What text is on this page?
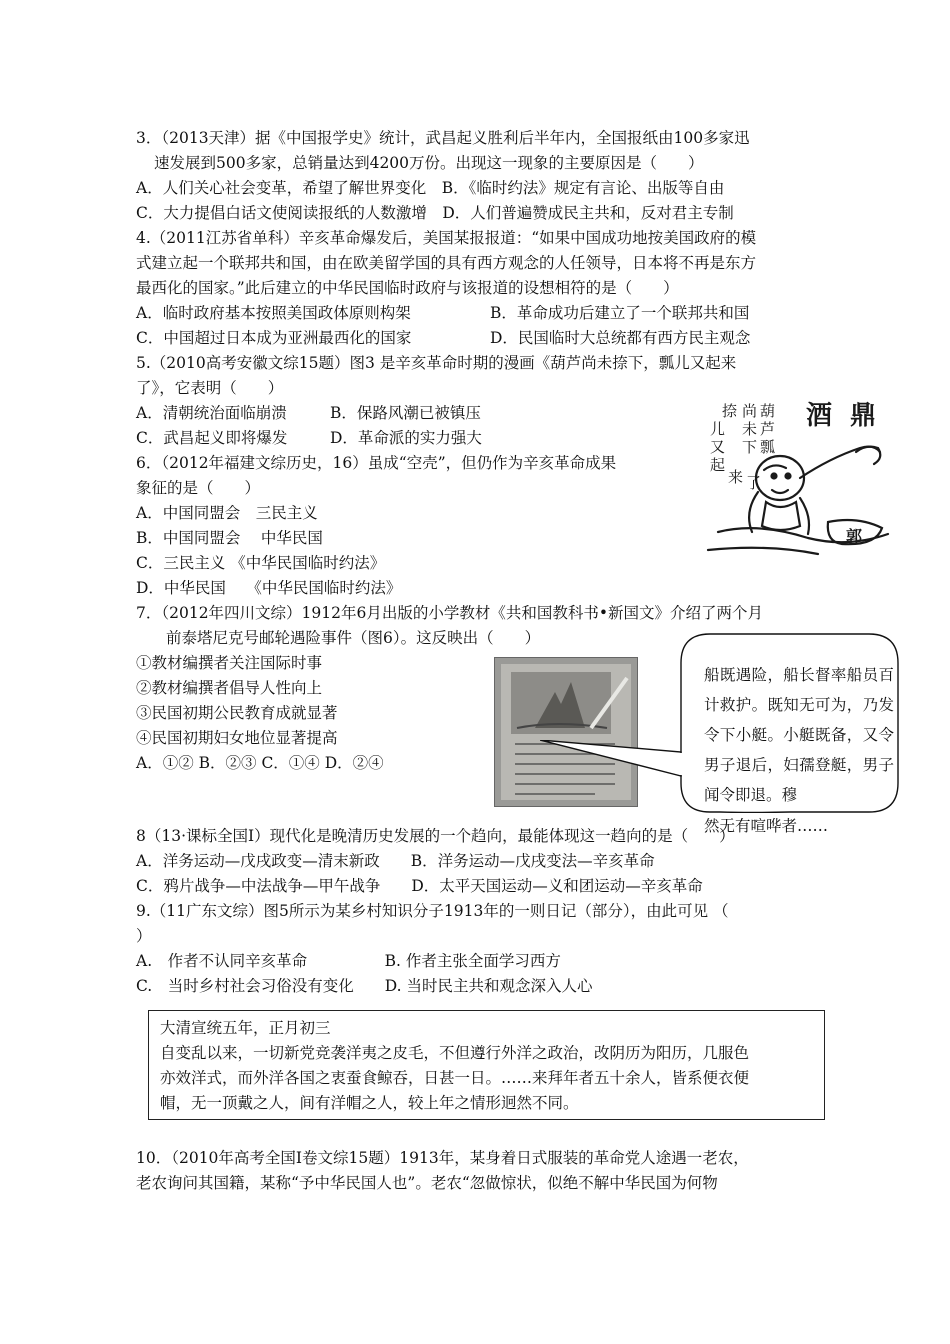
3．（2013天津）据《中国报学史》统计，武昌起义胜利后半年内，全国报纸由100多家迅
速发展到500多家，总销量达到4200万份。出现这一现象的主要原因是（　　）
A．人们关心社会变革，希望了解世界变化　B．《临时约法》规定有言论、出版等自由
C．大力提倡白话文使阅读报纸的人数激增　D．人们普遍赞成民主共和，反对君主专制
4.（2011江苏省单科）辛亥革命爆发后，美国某报报道：“如果中国成功地按美国政府的模
式建立起一个联邦共和国，由在欧美留学国的具有西方观念的人任领导，日本将不再是东方
最西化的国家。”此后建立的中华民国临时政府与该报道的设想相符的是（　　）
A．临时政府基本按照美国政体原则构架	B．革命成功后建立了一个联邦共和国
C．中国超过日本成为亚洲最西化的国家	D．民国临时大总统都有西方民主观念
5.（2010高考安徽文综15题）图3 是辛亥革命时期的漫画《葫芦尚未捺下，瓢儿又起来
了》，它表明（　　）
A．清朝统治面临崩溃	B．保路风潮已被镇压
C．武昌起义即将爆发	D．革命派的实力强大
酒 鼎
葫
芦
瓢
尚
未
下
捺
儿
又
起
来 了
郭
6．（2012年福建文综历史，16）虽成“空壳”，但仍作为辛亥革命成果
象征的是（　　）
A．中国同盟会　三民主义
B．中国同盟会　 中华民国
C．三民主义 《中华民国临时约法》
D．中华民国　 《中华民国临时约法》
7．（2012年四川文综）1912年6月出版的小学教材《共和国教科书•新国文》介绍了两个月
前泰塔尼克号邮轮遇险事件（图6）。这反映出（　　）
①教材编撰者关注国际时事
②教材编撰者倡导人性向上
③民国初期公民教育成就显著
④民国初期妇女地位显著提高
A．①② B．②③ C．①④ D．②④
船既遇险，船长督率船员百计救护。既知无可为，乃发令下小艇。小艇既备，又令男子退后，妇孺登艇，男子闻令即退。穆
然无有喧哗者……
8（13·课标全国Ⅰ）现代化是晚清历史发展的一个趋向，最能体现这一趋向的是（　　）
A．洋务运动—戊戌政变—清末新政　　B．洋务运动—戊戌变法—辛亥革命
C．鸦片战争—中法战争—甲午战争　　D．太平天国运动—义和团运动—辛亥革命
9.（11广东文综）图5所示为某乡村知识分子1913年的一则日记（部分），由此可见 （
）
A.　作者不认同辛亥革命　　　　　B. 作者主张全面学习西方
C.　当时乡村社会习俗没有变化　　D. 当时民主共和观念深入人心
大清宣统五年，正月初三
自变乱以来，一切新党竞袭洋夷之皮毛，不但遵行外洋之政治，改阴历为阳历，几服色
亦效洋式，而外洋各国之衷蚕食鲸吞，日甚一日。……来拜年者五十余人，皆系便衣便
帽，无一顶戴之人，间有洋帽之人，较上年之情形迥然不同。
10．（2010年高考全国Ⅰ卷文综15题）1913年，某身着日式服装的革命党人途遇一老农，
老农询问其国籍，某称“予中华民国人也”。老农“忽做惊状，似绝不解中华民国为何物
